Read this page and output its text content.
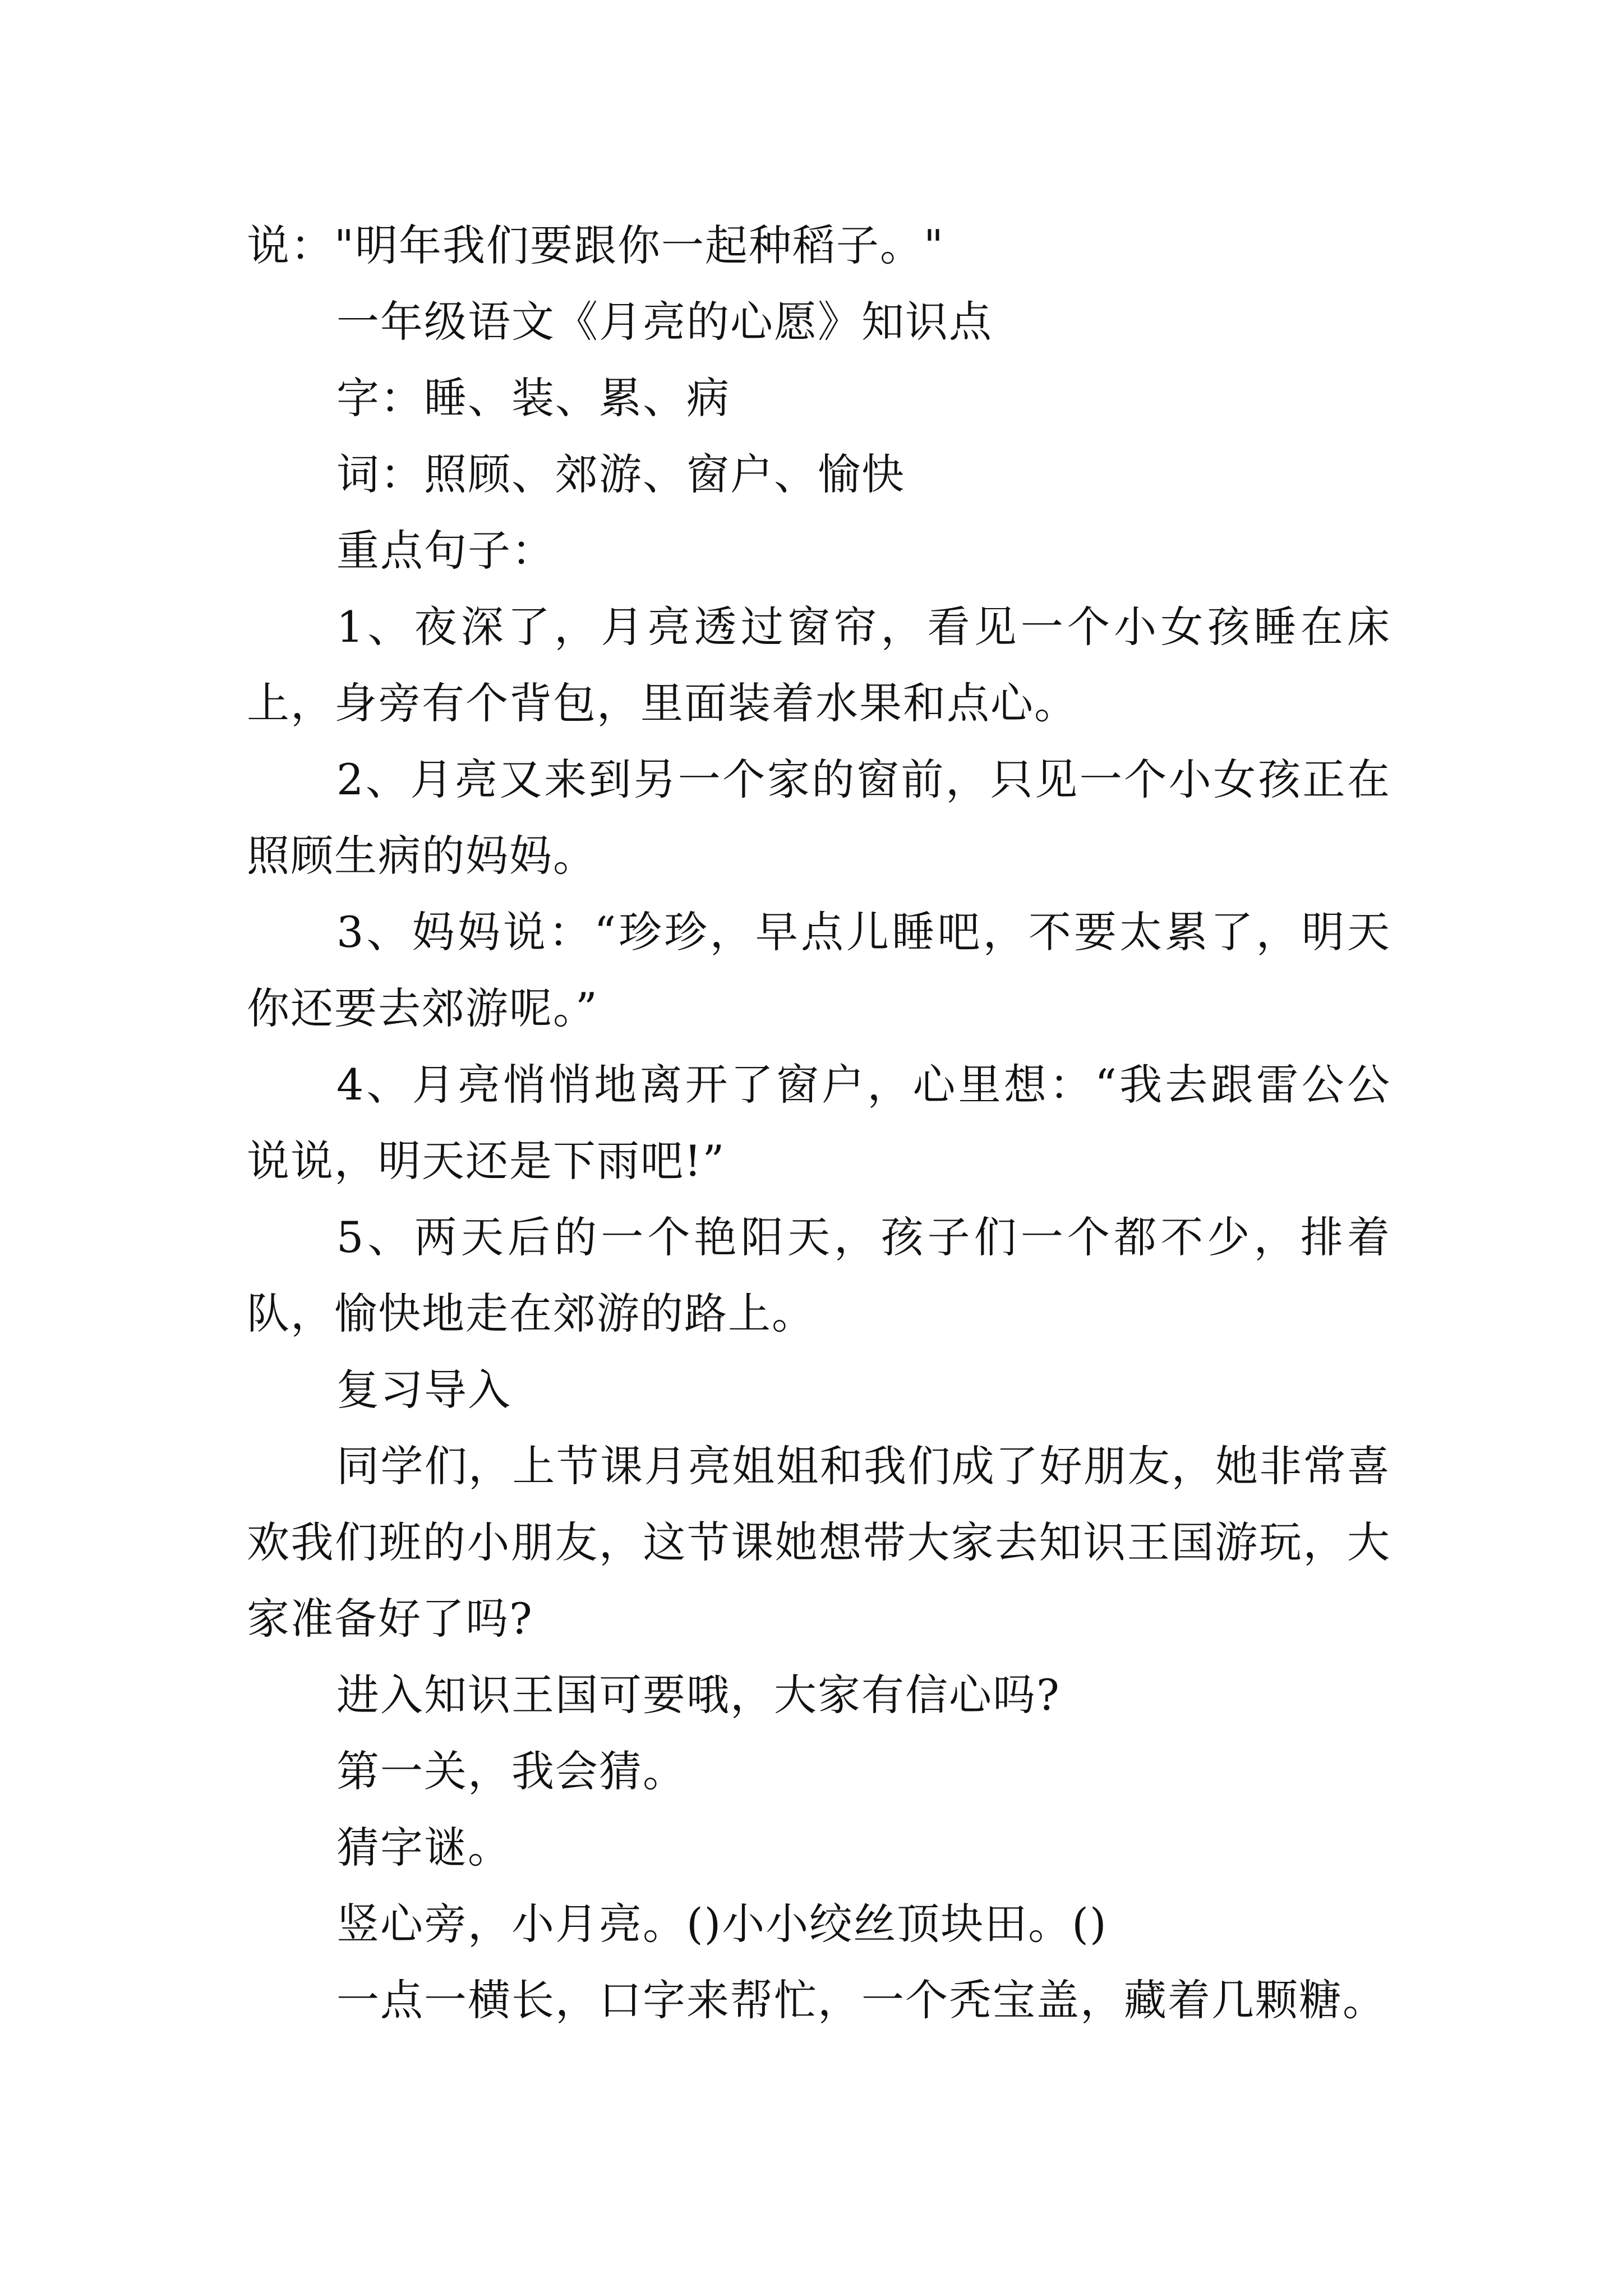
说："明年我们要跟你一起种稻子。"

一年级语文《月亮的心愿》知识点

字：睡、装、累、病

词：照顾、郊游、窗户、愉快

重点句子：

1、夜深了，月亮透过窗帘，看见一个小女孩睡在床上，身旁有个背包，里面装着水果和点心。

2、月亮又来到另一个家的窗前，只见一个小女孩正在照顾生病的妈妈。

3、妈妈说：“珍珍，早点儿睡吧，不要太累了，明天你还要去郊游呢。”

4、月亮悄悄地离开了窗户，心里想：“我去跟雷公公说说，明天还是下雨吧!”

5、两天后的一个艳阳天，孩子们一个都不少，排着队，愉快地走在郊游的路上。

复习导入

同学们，上节课月亮姐姐和我们成了好朋友，她非常喜欢我们班的小朋友，这节课她想带大家去知识王国游玩，大家准备好了吗?

进入知识王国可要哦，大家有信心吗?

第一关，我会猜。

猜字谜。

竖心旁，小月亮。()小小绞丝顶块田。()

一点一横长，口字来帮忙，一个秃宝盖，藏着几颗糖。
